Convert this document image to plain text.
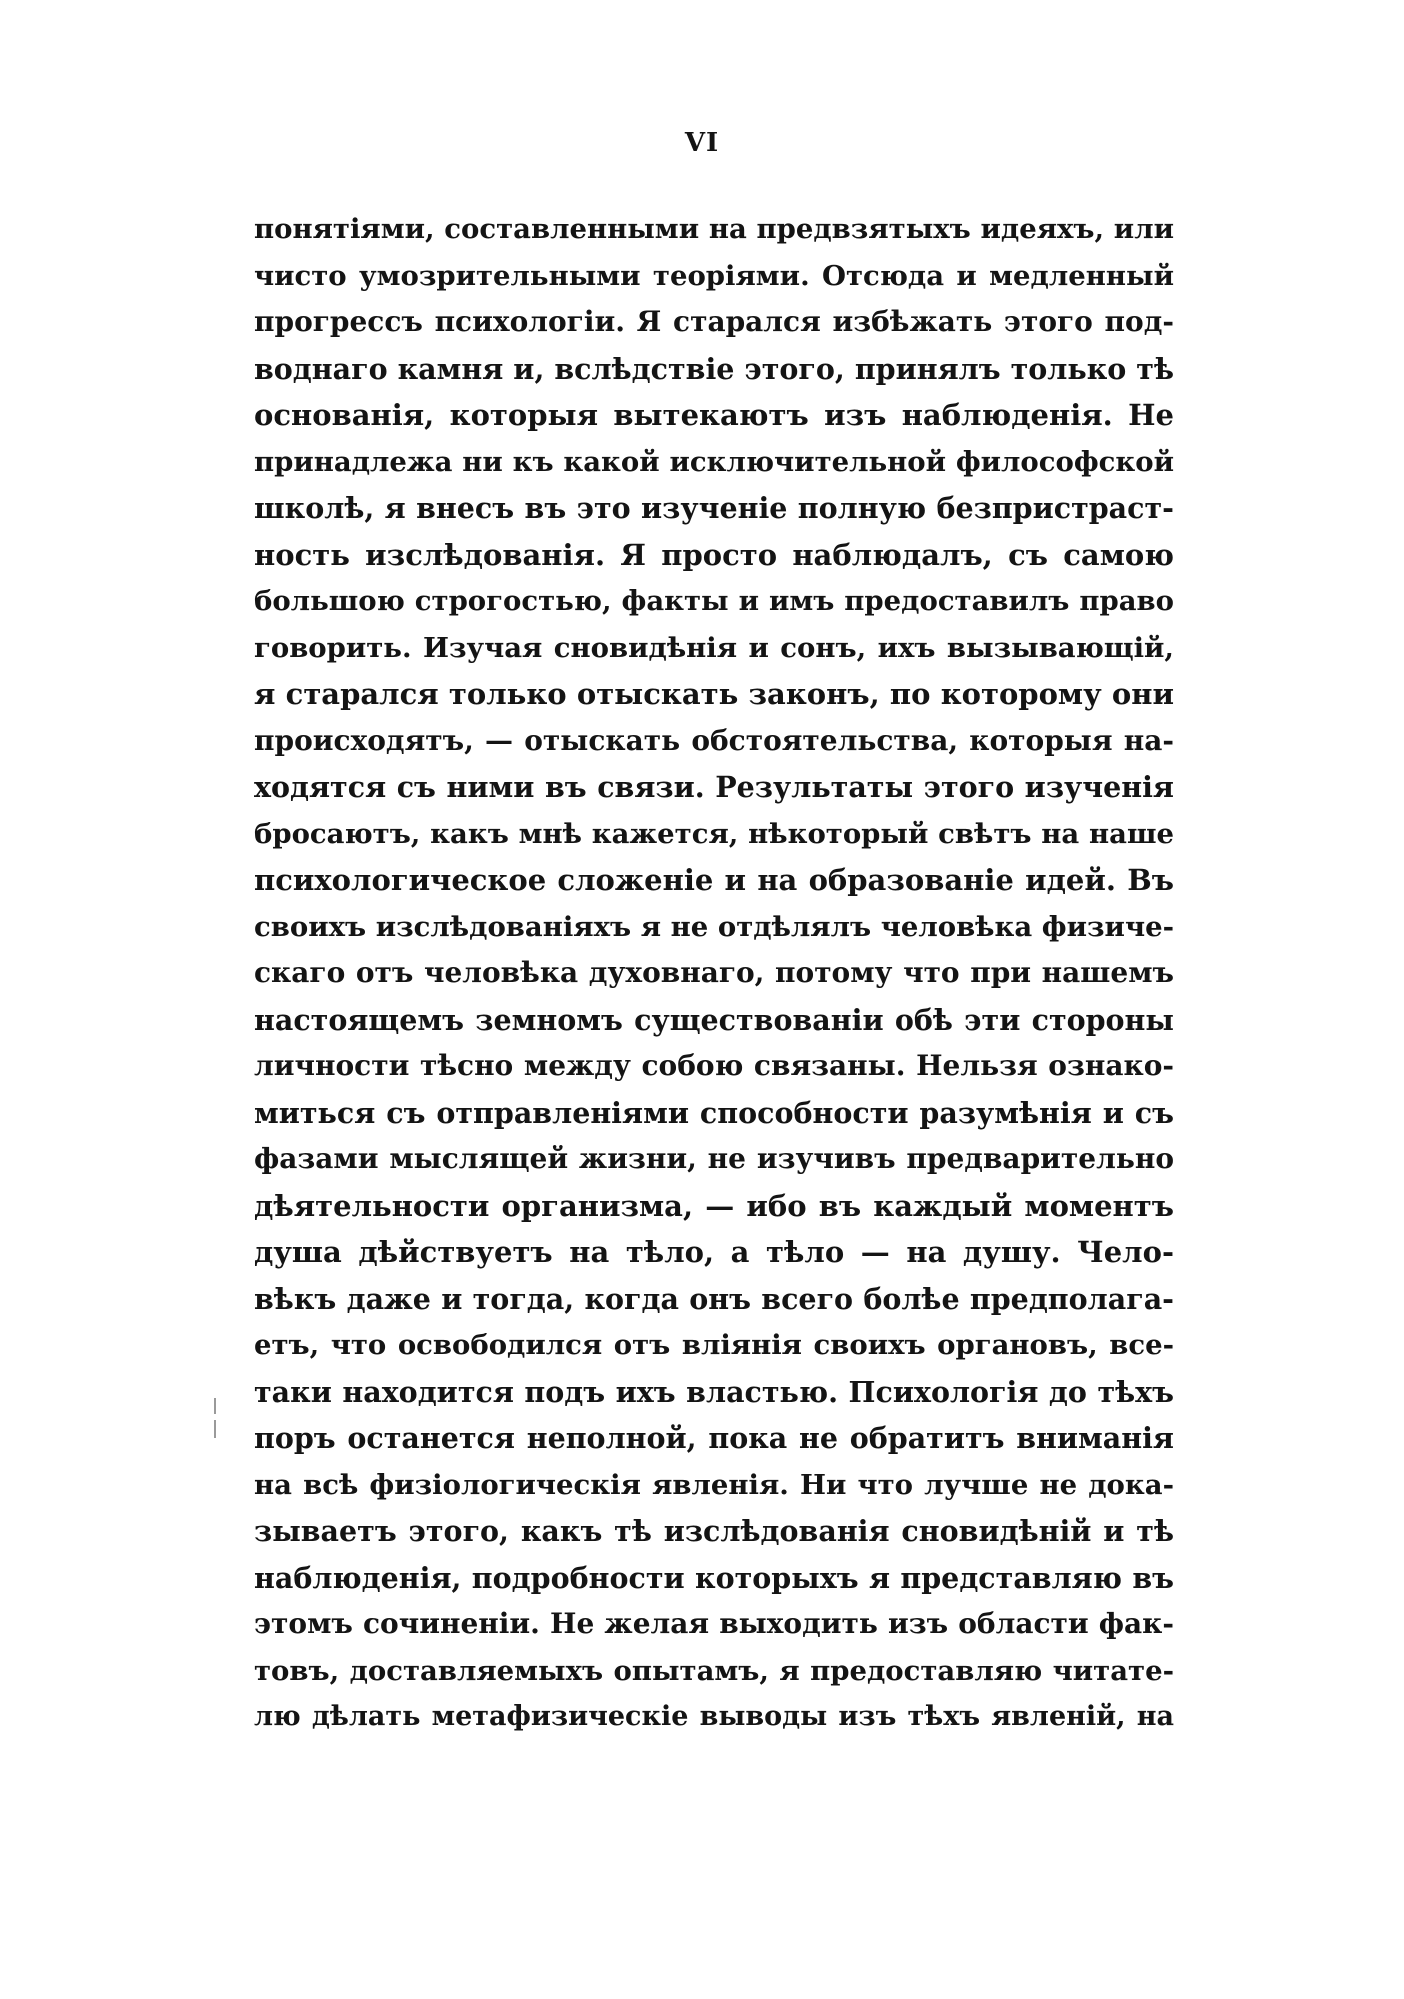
VI
понятіями, составленными на предвзятыхъ идеяхъ, или
чисто умозрительными теоріями. Отсюда и медленный
прогрессъ психологіи. Я старался избѣжать этого под-
воднаго камня и, вслѣдствіе этого, принялъ только тѣ
основанія, которыя вытекаютъ изъ наблюденія. Не
принадлежа ни къ какой исключительной философской
школѣ, я внесъ въ это изученіе полную безпристраст-
ность изслѣдованія. Я просто наблюдалъ, съ самою
большою строгостью, факты и имъ предоставилъ право
говорить. Изучая сновидѣнія и сонъ, ихъ вызывающій,
я старался только отыскать законъ, по которому они
происходятъ, — отыскать обстоятельства, которыя на-
ходятся съ ними въ связи. Результаты этого изученія
бросаютъ, какъ мнѣ кажется, нѣкоторый свѣтъ на наше
психологическое сложеніе и на образованіе идей. Въ
своихъ изслѣдованіяхъ я не отдѣлялъ человѣка физиче-
скаго отъ человѣка духовнаго, потому что при нашемъ
настоящемъ земномъ существованіи обѣ эти стороны
личности тѣсно между собою связаны. Нельзя ознако-
миться съ отправленіями способности разумѣнія и съ
фазами мыслящей жизни, не изучивъ предварительно
дѣятельности организма, — ибо въ каждый моментъ
душа дѣйствуетъ на тѣло, а тѣло — на душу. Чело-
вѣкъ даже и тогда, когда онъ всего болѣе предполага-
етъ, что освободился отъ вліянія своихъ органовъ, все-
таки находится подъ ихъ властью. Психологія до тѣхъ
поръ останется неполной, пока не обратитъ вниманія
на всѣ физіологическія явленія. Ни что лучше не дока-
зываетъ этого, какъ тѣ изслѣдованія сновидѣній и тѣ
наблюденія, подробности которыхъ я представляю въ
этомъ сочиненіи. Не желая выходить изъ области фак-
товъ, доставляемыхъ опытамъ, я предоставляю читате-
лю дѣлать метафизическіе выводы изъ тѣхъ явленій, на
